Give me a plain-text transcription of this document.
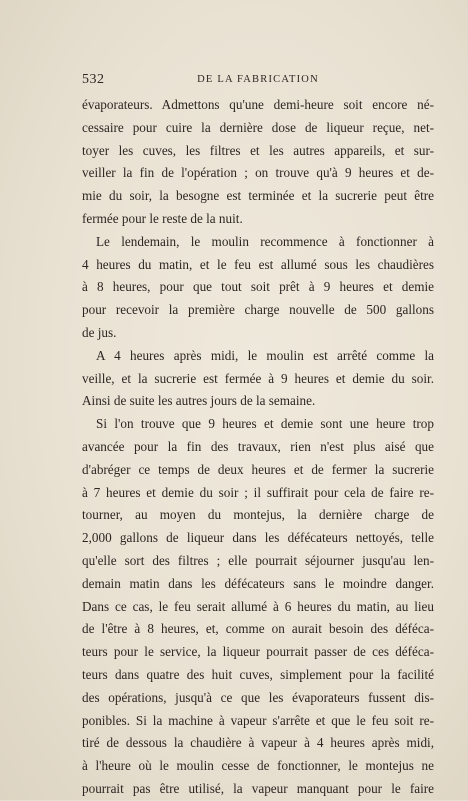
532	DE LA FABRICATION
évaporateurs. Admettons qu'une demi-heure soit encore né-
cessaire pour cuire la dernière dose de liqueur reçue, net-
toyer les cuves, les filtres et les autres appareils, et sur-
veiller la fin de l'opération ; on trouve qu'à 9 heures et de-
mie du soir, la besogne est terminée et la sucrerie peut être
fermée pour le reste de la nuit.
Le lendemain, le moulin recommence à fonctionner à
4 heures du matin, et le feu est allumé sous les chaudières
à 8 heures, pour que tout soit prêt à 9 heures et demie
pour recevoir la première charge nouvelle de 500 gallons
de jus.
A 4 heures après midi, le moulin est arrêté comme la
veille, et la sucrerie est fermée à 9 heures et demie du soir.
Ainsi de suite les autres jours de la semaine.
Si l'on trouve que 9 heures et demie sont une heure trop
avancée pour la fin des travaux, rien n'est plus aisé que
d'abréger ce temps de deux heures et de fermer la sucrerie
à 7 heures et demie du soir ; il suffirait pour cela de faire re-
tourner, au moyen du montejus, la dernière charge de
2,000 gallons de liqueur dans les défécateurs nettoyés, telle
qu'elle sort des filtres ; elle pourrait séjourner jusqu'au len-
demain matin dans les défécateurs sans le moindre danger.
Dans ce cas, le feu serait allumé à 6 heures du matin, au lieu
de l'être à 8 heures, et, comme on aurait besoin des déféca-
teurs pour le service, la liqueur pourrait passer de ces déféca-
teurs dans quatre des huit cuves, simplement pour la facilité
des opérations, jusqu'à ce que les évaporateurs fussent dis-
ponibles. Si la machine à vapeur s'arrête et que le feu soit re-
tiré de dessous la chaudière à vapeur à 4 heures après midi,
à l'heure où le moulin cesse de fonctionner, le montejus ne
pourrait pas être utilisé, la vapeur manquant pour le faire
